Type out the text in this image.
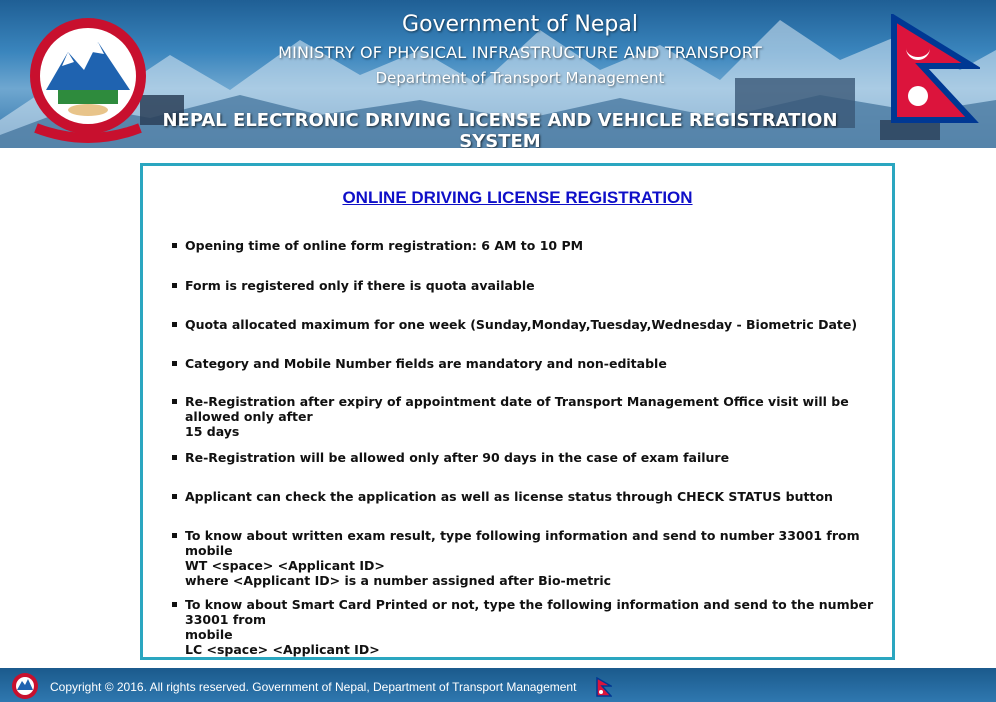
Government of Nepal
MINISTRY OF PHYSICAL INFRASTRUCTURE AND TRANSPORT
Department of Transport Management
NEPAL ELECTRONIC DRIVING LICENSE AND VEHICLE REGISTRATION SYSTEM
ONLINE DRIVING LICENSE REGISTRATION
Opening time of online form registration: 6 AM to 10 PM
Form is registered only if there is quota available
Quota allocated maximum for one week (Sunday,Monday,Tuesday,Wednesday - Biometric Date)
Category and Mobile Number fields are mandatory and non-editable
Re-Registration after expiry of appointment date of Transport Management Office visit will be allowed only after
15 days
Re-Registration will be allowed only after 90 days in the case of exam failure
Applicant can check the application as well as license status through CHECK STATUS button
To know about written exam result, type following information and send to number 33001 from mobile
WT <space> <Applicant ID>
where <Applicant ID> is a number assigned after Bio-metric
To know about Smart Card Printed or not, type the following information and send to the number 33001 from
mobile
LC <space> <Applicant ID>
Copyright © 2016. All rights reserved. Government of Nepal, Department of Transport Management
